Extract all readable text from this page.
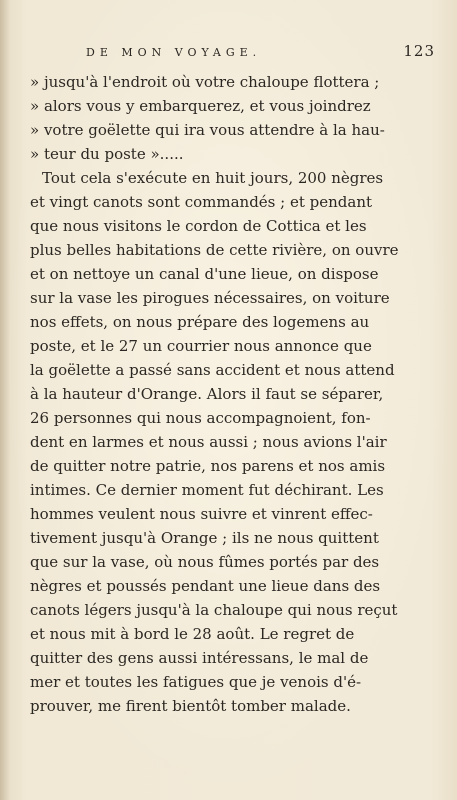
DE MON VOYAGE.	123
» jusqu'à l'endroit où votre chaloupe flottera ;
» alors vous y embarquerez, et vous joindrez
» votre goëlette qui ira vous attendre à la hau-
» teur du poste ».....
Tout cela s'exécute en huit jours, 200 nègres
et vingt canots sont commandés ; et pendant
que nous visitons le cordon de Cottica et les
plus belles habitations de cette rivière, on ouvre
et on nettoye un canal d'une lieue, on dispose
sur la vase les pirogues nécessaires, on voiture
nos effets, on nous prépare des logemens au
poste, et le 27 un courrier nous annonce que
la goëlette a passé sans accident et nous attend
à la hauteur d'Orange. Alors il faut se séparer,
26 personnes qui nous accompagnoient, fon-
dent en larmes et nous aussi ; nous avions l'air
de quitter notre patrie, nos parens et nos amis
intimes. Ce dernier moment fut déchirant. Les
hommes veulent nous suivre et vinrent effec-
tivement jusqu'à Orange ; ils ne nous quittent
que sur la vase, où nous fûmes portés par des
nègres et poussés pendant une lieue dans des
canots légers jusqu'à la chaloupe qui nous reçut
et nous mit à bord le 28 août. Le regret de
quitter des gens aussi intéressans, le mal de
mer et toutes les fatigues que je venois d'é-
prouver, me firent bientôt tomber malade.
